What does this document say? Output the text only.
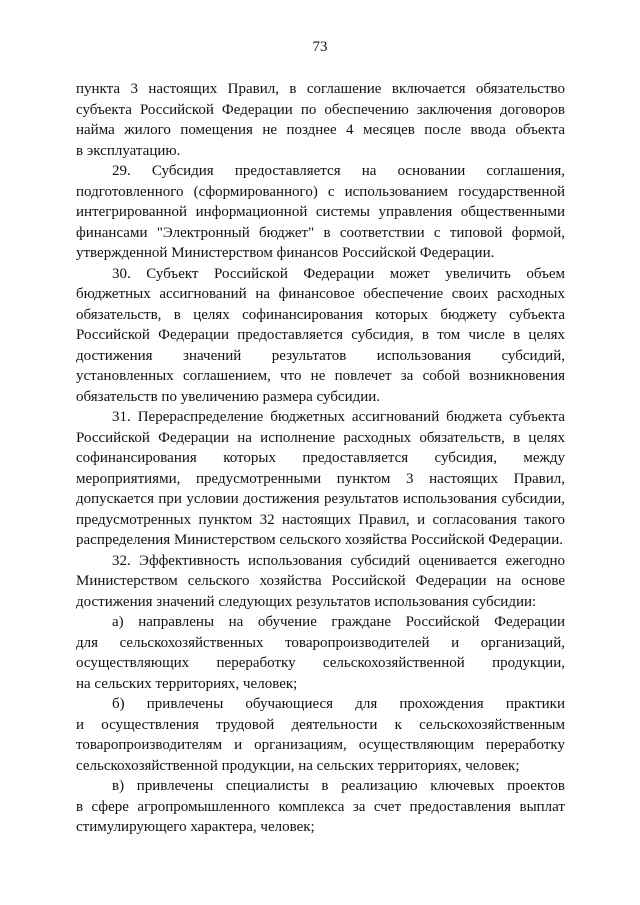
73
пункта 3 настоящих Правил, в соглашение включается обязательство
субъекта Российской Федерации по обеспечению заключения договоров
найма жилого помещения не позднее 4 месяцев после ввода объекта
в эксплуатацию.
29. Субсидия предоставляется на основании соглашения,
подготовленного (сформированного) с использованием государственной
интегрированной информационной системы управления общественными
финансами "Электронный бюджет" в соответствии с типовой формой,
утвержденной Министерством финансов Российской Федерации.
30. Субъект Российской Федерации может увеличить объем
бюджетных ассигнований на финансовое обеспечение своих расходных
обязательств, в целях софинансирования которых бюджету субъекта
Российской Федерации предоставляется субсидия, в том числе в целях
достижения значений результатов использования субсидий,
установленных соглашением, что не повлечет за собой возникновения
обязательств по увеличению размера субсидии.
31. Перераспределение бюджетных ассигнований бюджета субъекта
Российской Федерации на исполнение расходных обязательств, в целях
софинансирования которых предоставляется субсидия, между
мероприятиями, предусмотренными пунктом 3 настоящих Правил,
допускается при условии достижения результатов использования субсидии,
предусмотренных пунктом 32 настоящих Правил, и согласования такого
распределения Министерством сельского хозяйства Российской Федерации.
32. Эффективность использования субсидий оценивается ежегодно
Министерством сельского хозяйства Российской Федерации на основе
достижения значений следующих результатов использования субсидии:
а) направлены на обучение граждане Российской Федерации
для сельскохозяйственных товаропроизводителей и организаций,
осуществляющих переработку сельскохозяйственной продукции,
на сельских территориях, человек;
б) привлечены обучающиеся для прохождения практики
и осуществления трудовой деятельности к сельскохозяйственным
товаропроизводителям и организациям, осуществляющим переработку
сельскохозяйственной продукции, на сельских территориях, человек;
в) привлечены специалисты в реализацию ключевых проектов
в сфере агропромышленного комплекса за счет предоставления выплат
стимулирующего характера, человек;
